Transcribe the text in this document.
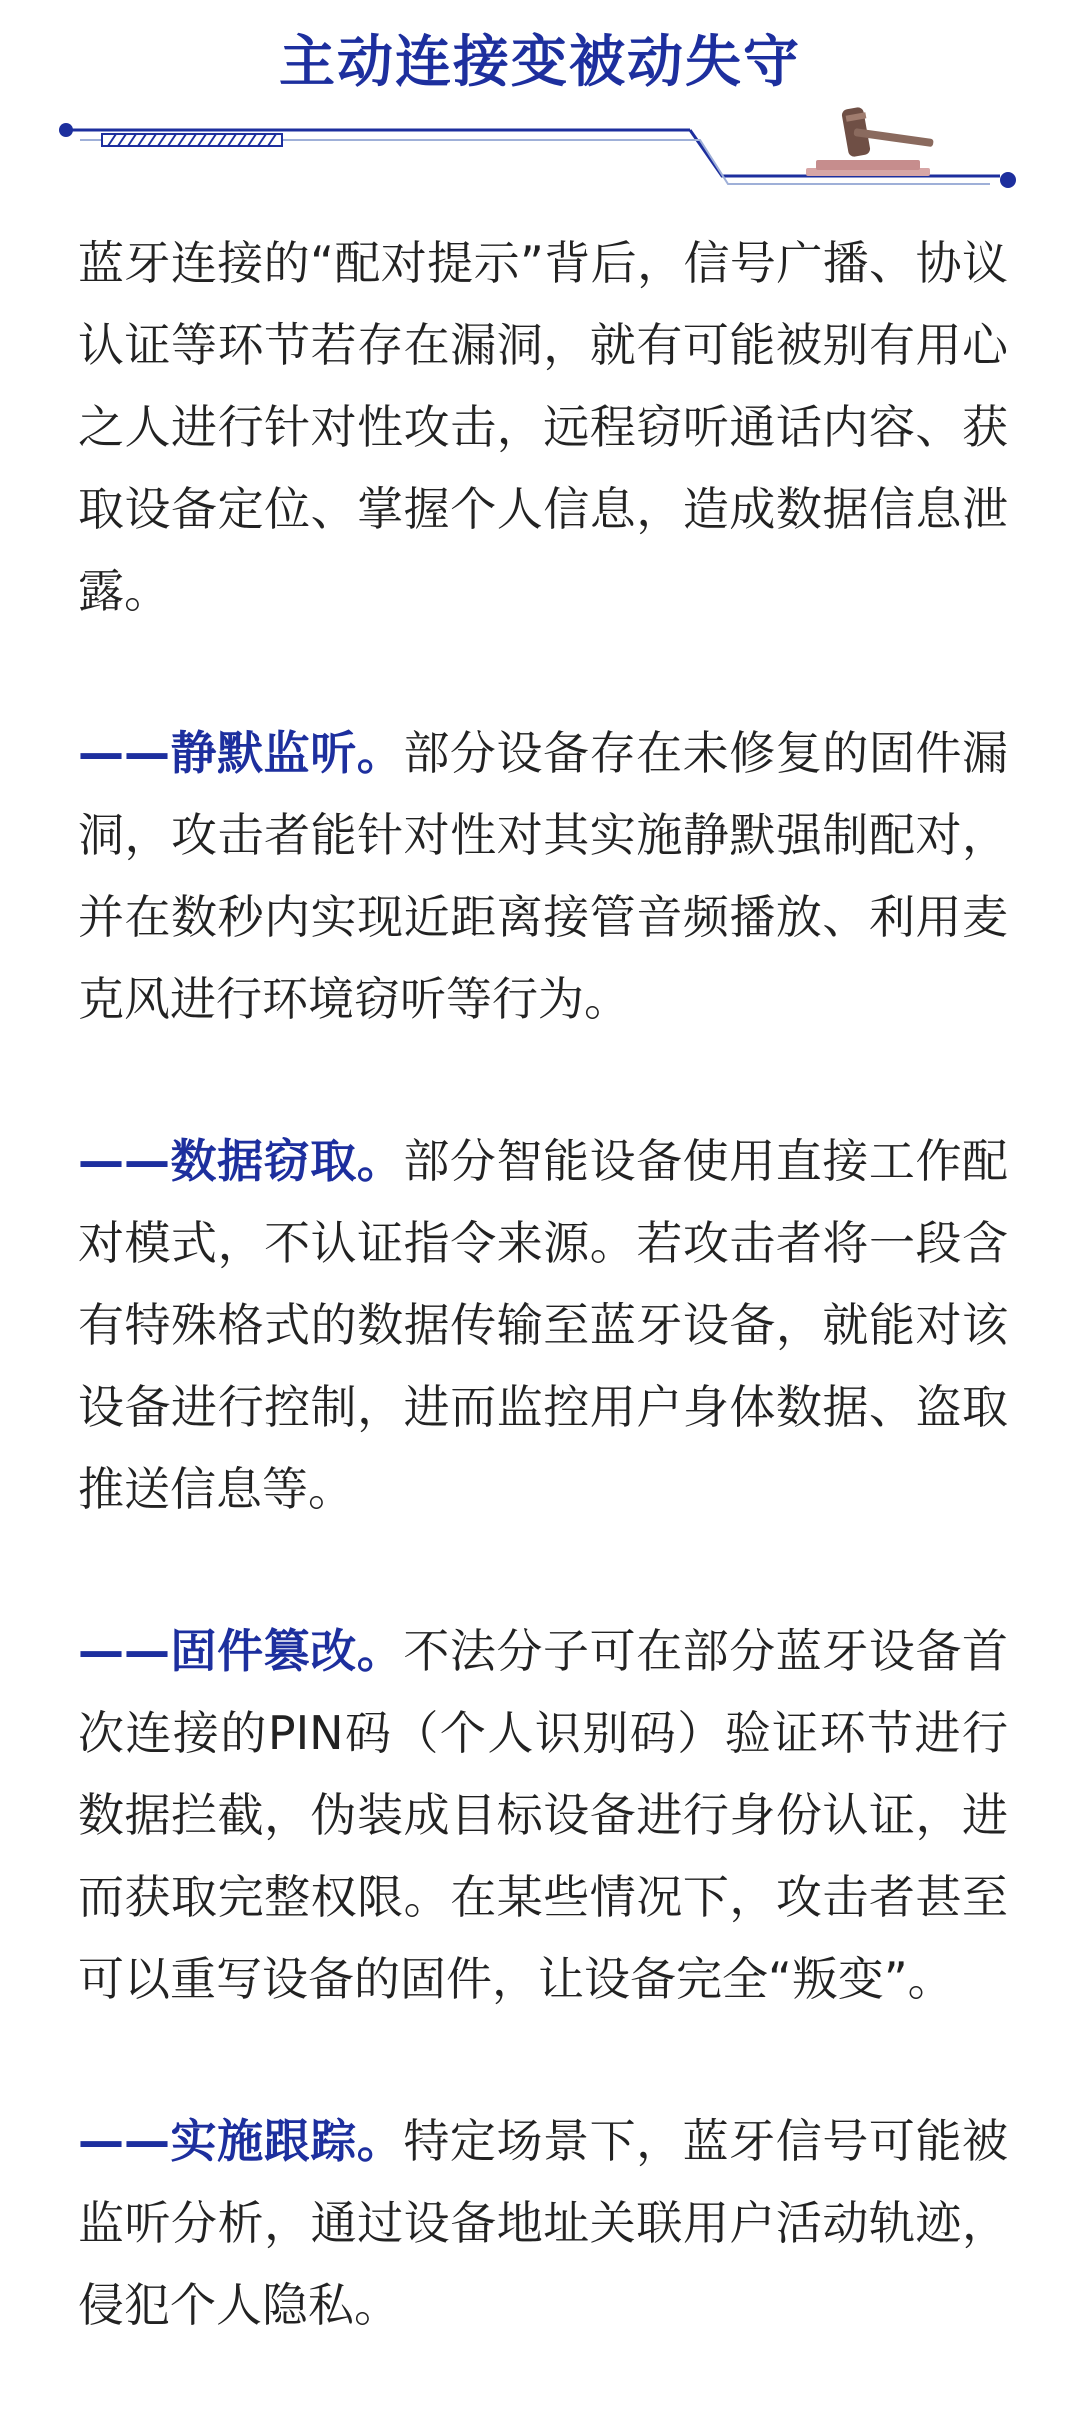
主动连接变被动失守

蓝牙连接的“配对提示”背后，信号广播、协议认证等环节若存在漏洞，就有可能被别有用心之人进行针对性攻击，远程窃听通话内容、获取设备定位、掌握个人信息，造成数据信息泄露。

——静默监听。部分设备存在未修复的固件漏洞，攻击者能针对性对其实施静默强制配对，并在数秒内实现近距离接管音频播放、利用麦克风进行环境窃听等行为。

——数据窃取。部分智能设备使用直接工作配对模式，不认证指令来源。若攻击者将一段含有特殊格式的数据传输至蓝牙设备，就能对该设备进行控制，进而监控用户身体数据、盗取推送信息等。

——固件篡改。不法分子可在部分蓝牙设备首次连接的PIN码（个人识别码）验证环节进行数据拦截，伪装成目标设备进行身份认证，进而获取完整权限。在某些情况下，攻击者甚至可以重写设备的固件，让设备完全“叛变”。

——实施跟踪。特定场景下，蓝牙信号可能被监听分析，通过设备地址关联用户活动轨迹，侵犯个人隐私。
